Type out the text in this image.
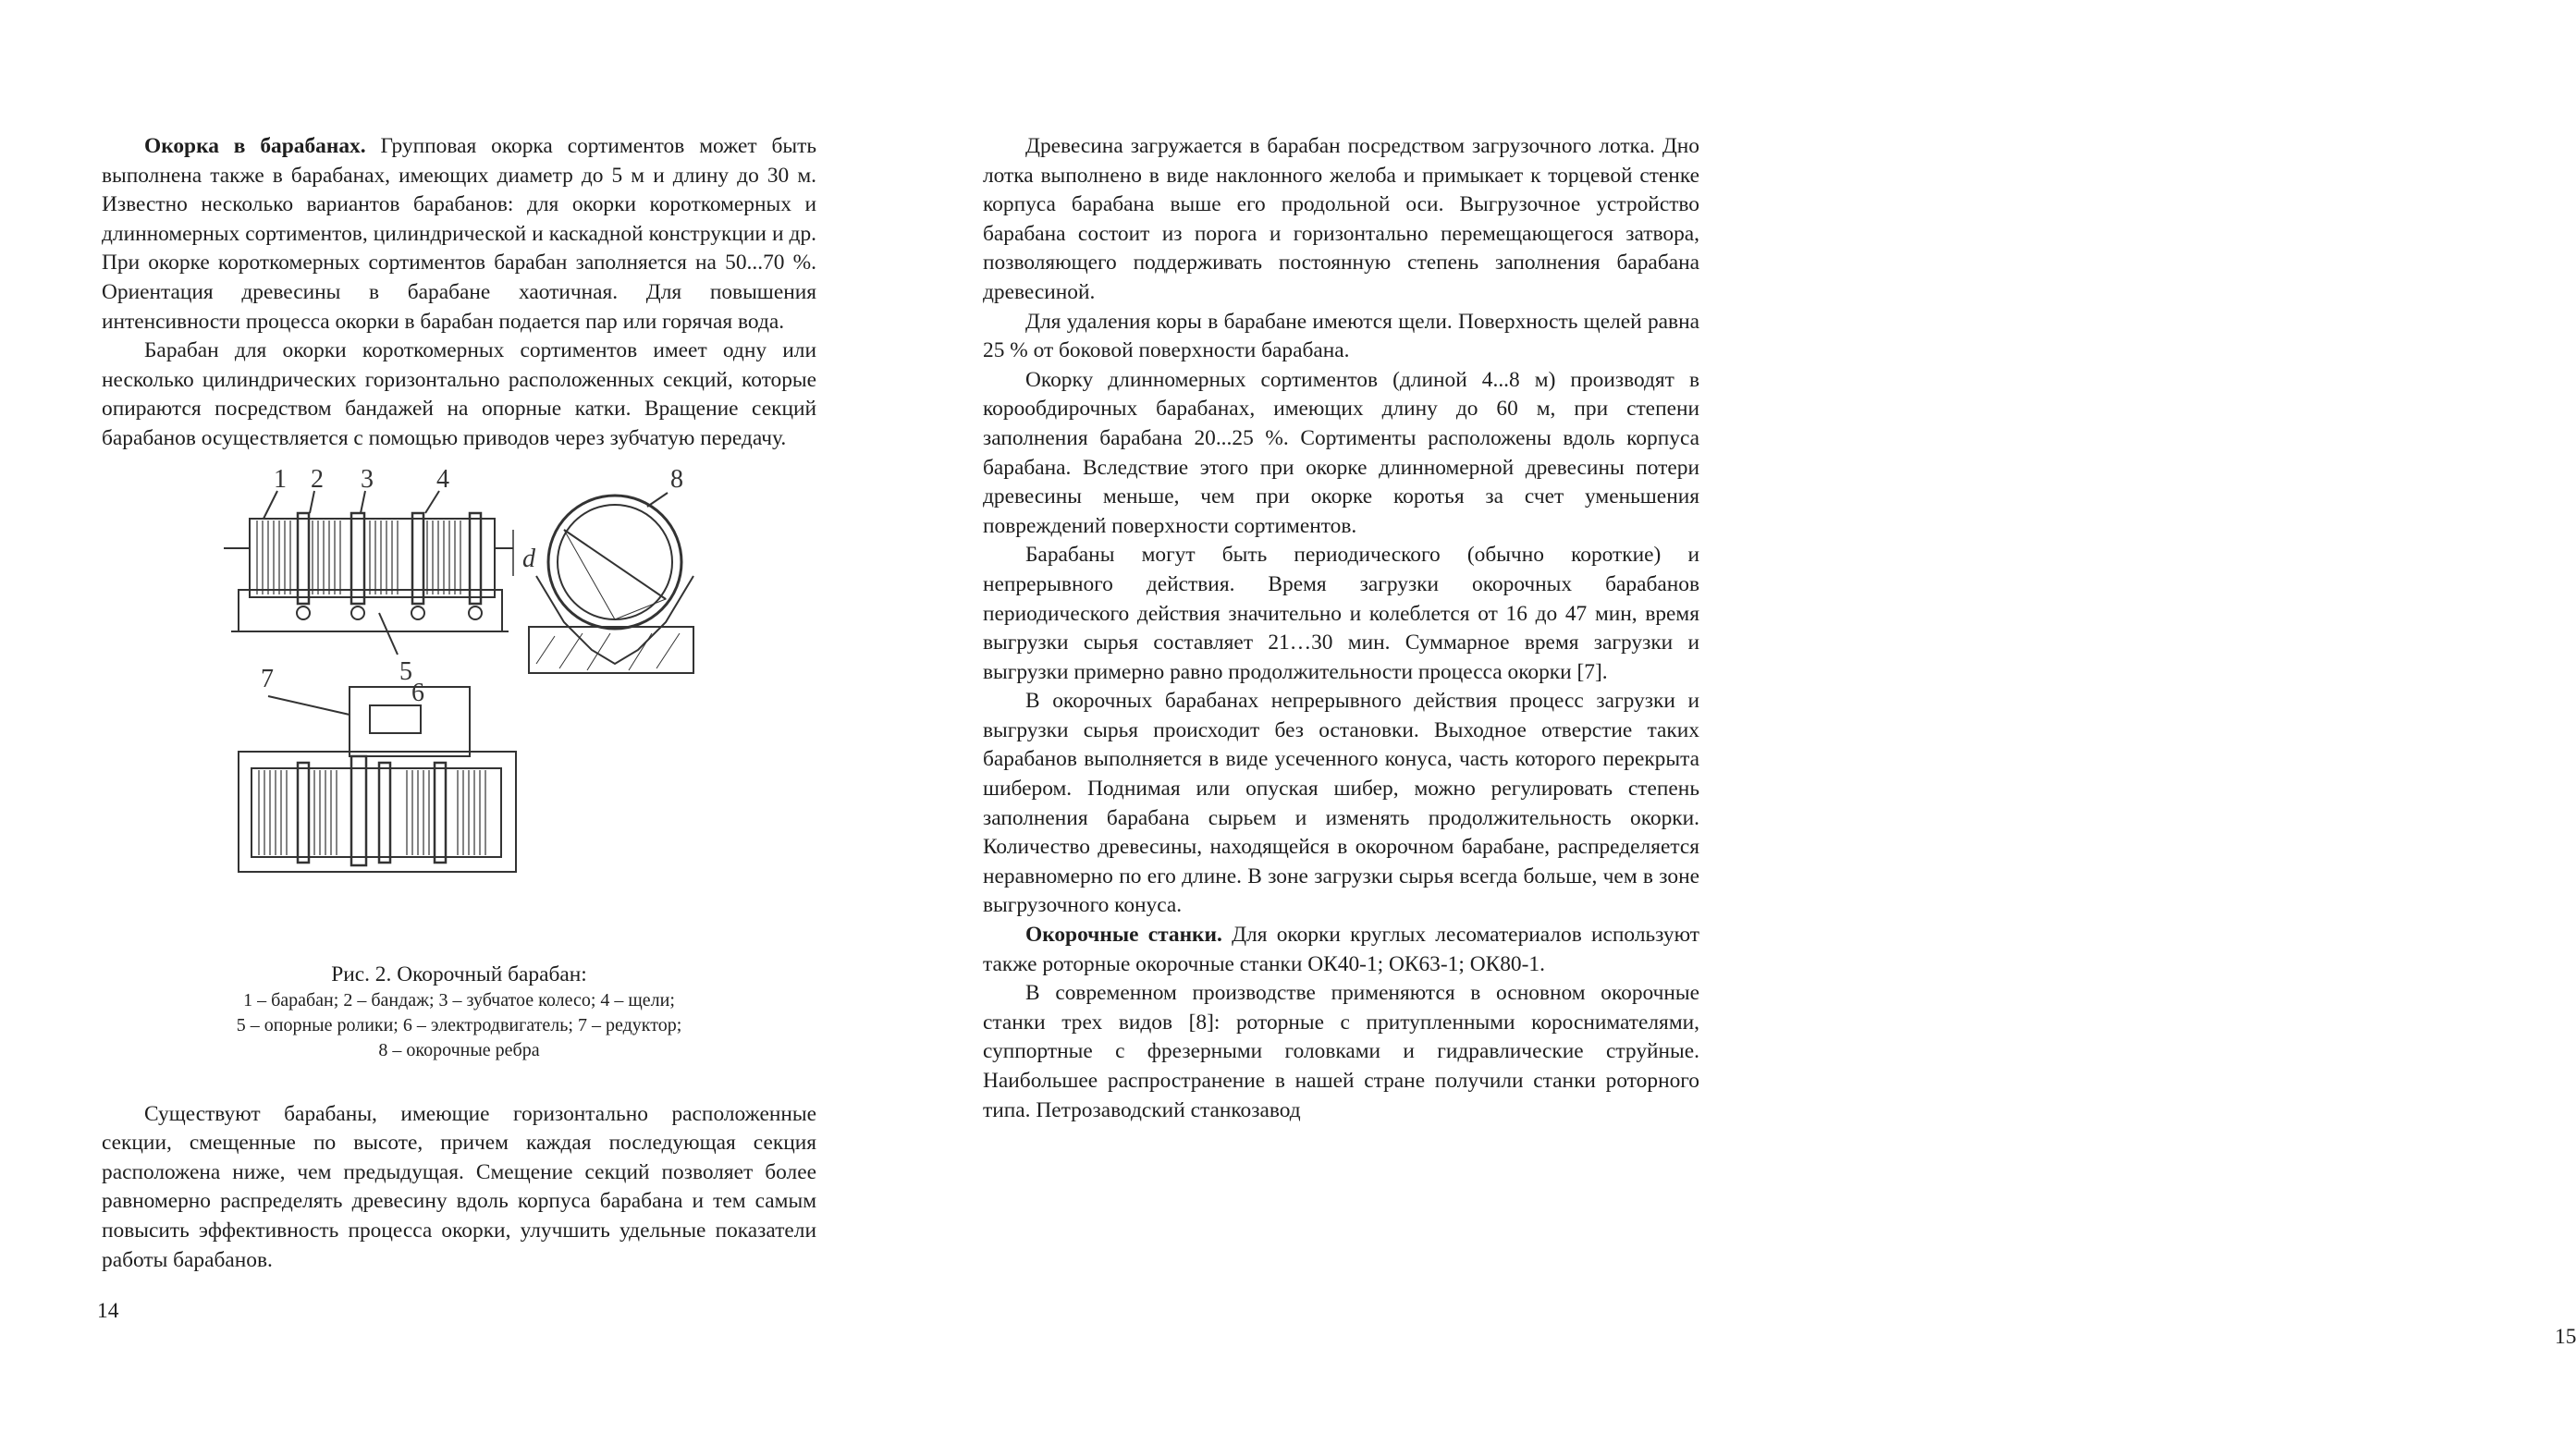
Окорка в барабанах. Групповая окорка сортиментов может быть выполнена также в барабанах, имеющих диаметр до 5 м и длину до 30 м. Известно несколько вариантов барабанов: для окорки короткомерных и длинномерных сортиментов, цилиндрической и каскадной конструкции и др. При окорке короткомерных сортиментов барабан заполняется на 50...70 %. Ориентация древесины в барабане хаотичная. Для повышения интенсивности процесса окорки в барабан подается пар или горячая вода.

Барабан для окорки короткомерных сортиментов имеет одну или несколько цилиндрических горизонтально расположенных секций, которые опираются посредством бандажей на опорные катки. Вращение секций барабанов осуществляется с помощью приводов через зубчатую передачу.

1 2 3 4
5
6
7
8
d
Рис. 2. Окорочный барабан:
1 – барабан; 2 – бандаж; 3 – зубчатое колесо; 4 – щели;
5 – опорные ролики; 6 – электродвигатель; 7 – редуктор;
8 – окорочные ребра

Существуют барабаны, имеющие горизонтально расположенные секции, смещенные по высоте, причем каждая последующая секция расположена ниже, чем предыдущая. Смещение секций позволяет более равномерно распределять древесину вдоль корпуса барабана и тем самым повысить эффективность процесса окорки, улучшить удельные показатели работы барабанов.

14

Древесина загружается в барабан посредством загрузочного лотка. Дно лотка выполнено в виде наклонного желоба и примыкает к торцевой стенке корпуса барабана выше его продольной оси. Выгрузочное устройство барабана состоит из порога и горизонтально перемещающегося затвора, позволяющего поддерживать постоянную степень заполнения барабана древесиной.

Для удаления коры в барабане имеются щели. Поверхность щелей равна 25 % от боковой поверхности барабана.

Окорку длинномерных сортиментов (длиной 4...8 м) производят в корообдирочных барабанах, имеющих длину до 60 м, при степени заполнения барабана 20...25 %. Сортименты расположены вдоль корпуса барабана. Вследствие этого при окорке длинномерной древесины потери древесины меньше, чем при окорке коротья за счет уменьшения повреждений поверхности сортиментов.

Барабаны могут быть периодического (обычно короткие) и непрерывного действия. Время загрузки окорочных барабанов периодического действия значительно и колеблется от 16 до 47 мин, время выгрузки сырья составляет 21…30 мин. Суммарное время загрузки и выгрузки примерно равно продолжительности процесса окорки [7].

В окорочных барабанах непрерывного действия процесс загрузки и выгрузки сырья происходит без остановки. Выходное отверстие таких барабанов выполняется в виде усеченного конуса, часть которого перекрыта шибером. Поднимая или опуская шибер, можно регулировать степень заполнения барабана сырьем и изменять продолжительность окорки. Количество древесины, находящейся в окорочном барабане, распределяется неравномерно по его длине. В зоне загрузки сырья всегда больше, чем в зоне выгрузочного конуса.

Окорочные станки. Для окорки круглых лесоматериалов используют также роторные окорочные станки ОК40-1; ОК63-1; ОК80-1.

В современном производстве применяются в основном окорочные станки трех видов [8]: роторные с притупленными короснимателями, суппортные с фрезерными головками и гидравлические струйные. Наибольшее распространение в нашей стране получили станки роторного типа. Петрозаводский станкозавод

15
